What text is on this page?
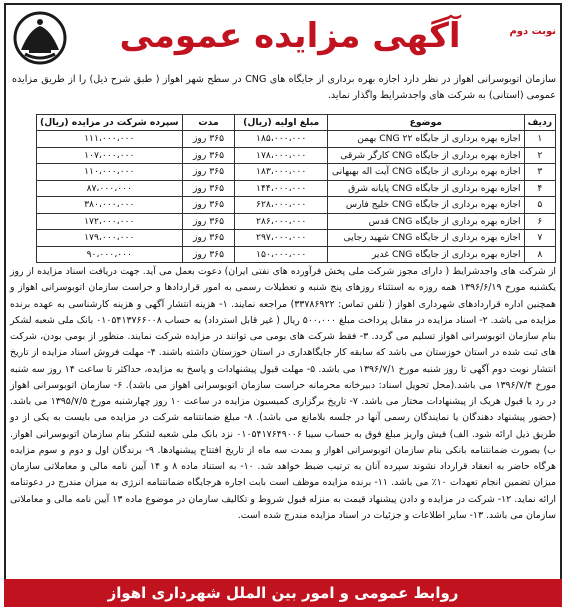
نوبت دوم
آگهی مزایده عمومی
سازمان اتوبوسرانی اهواز در نظر دارد اجازه بهره برداری از جایگاه های CNG در سطح شهر اهواز ( طبق شرح ذیل) را از طریق مزایده عمومی (استانی) به شرکت های واجدشرایط واگذار نماید.
ردیف	موضوع	مبلغ اولیه (ریال)	مدت	سپرده شرکت در مزایده (ریال)
۱	اجازه بهره برداری از جایگاه CNG ۲۲ بهمن	۱۸۵،۰۰۰،۰۰۰	۳۶۵ روز	۱۱۱،۰۰۰،۰۰۰
۲	اجازه بهره برداری از جایگاه CNG کارگر شرقی	۱۷۸،۰۰۰،۰۰۰	۳۶۵ روز	۱۰۷،۰۰۰،۰۰۰
۳	اجازه بهره برداری از جایگاه CNG آیت اله بهبهانی	۱۸۳،۰۰۰،۰۰۰	۳۶۵ روز	۱۱۰،۰۰۰،۰۰۰
۴	اجازه بهره برداری از جایگاه CNG پایانه شرق	۱۴۴،۰۰۰،۰۰۰	۳۶۵ روز	۸۷،۰۰۰،۰۰۰
۵	اجازه بهره برداری از جایگاه CNG خلیج فارس	۶۲۸،۰۰۰،۰۰۰	۳۶۵ روز	۳۸۰،۰۰۰،۰۰۰
۶	اجازه بهره برداری از جایگاه CNG قدس	۲۸۶،۰۰۰،۰۰۰	۳۶۵ روز	۱۷۲،۰۰۰،۰۰۰
۷	اجازه بهره برداری از جایگاه CNG شهید رجایی	۲۹۷،۰۰۰،۰۰۰	۳۶۵ روز	۱۷۹،۰۰۰،۰۰۰
۸	اجازه بهره برداری از جایگاه CNG غدیر	۱۵۰،۰۰۰،۰۰۰	۳۶۵ روز	۹۰،۰۰۰،۰۰۰
از شرکت های واجدشرایط ( دارای مجوز شرکت ملی پخش فرآورده های نفتی ایران) دعوت بعمل می آید. جهت دریافت اسناد مزایده از روز یکشنبه مورخ ۱۳۹۶/۶/۱۹ همه روزه به استثناء روزهای پنج شنبه و تعطیلات رسمی به امور قراردادها و حراست سازمان اتوبوسرانی اهواز و همچنین اداره قراردادهای شهرداری اهواز ( تلفن تماس: ۳۳۷۸۶۹۲۲) مراجعه نمایند. ۱- هزینه انتشار آگهی و هزینه کارشناسی به عهده برنده مزایده می باشد. ۲- اسناد مزایده در مقابل پرداخت مبلغ ۵۰۰،۰۰۰ ریال ( غیر قابل استرداد) به حساب ۰۱۰۵۴۱۳۷۶۶۰۰۸ بانک ملی شعبه لشکر بنام سازمان اتوبوسرانی اهواز تسلیم می گردد. ۳- فقط شرکت های بومی می توانند در مزایده شرکت نمایند. منظور از بومی بودن، شرکت های ثبت شده در استان خوزستان می باشد که سابقه کار جایگاهداری در استان خوزستان داشته باشند. ۴- مهلت فروش اسناد مزایده از تاریخ انتشار نوبت دوم آگهی تا روز شنبه مورخ ۱۳۹۶/۷/۱ می باشد. ۵- مهلت قبول پیشنهادات و پاسخ به مزایده، حداکثر تا ساعت ۱۴ روز سه شنبه مورخ ۱۳۹۶/۷/۴ می باشد.(محل تحویل اسناد: دبیرخانه محرمانه حراست سازمان اتوبوسرانی اهواز می باشد). ۶- سازمان اتوبوسرانی اهواز در رد یا قبول هریک از پیشنهادات مختار می باشد. ۷- تاریخ برگزاری کمیسیون مزایده در ساعت ۱۰ روز چهارشنبه مورخ ۱۳۹۵/۷/۵ می باشد. (حضور پیشنهاد دهندگان یا نمایندگان رسمی آنها در جلسه بلامانع می باشد). ۸- مبلغ ضمانتنامه شرکت در مزایده می بایست به یکی از دو طریق ذیل ارائه شود. الف) فیش واریز مبلغ فوق به حساب سیبا ۰۱۰۵۴۱۷۶۴۹۰۰۶ نزد بانک ملی شعبه لشکر بنام سازمان اتوبوسرانی اهواز. ب) بصورت ضمانتنامه بانکی بنام سازمان اتوبوسرانی اهواز و بمدت سه ماه از تاریخ افتتاح پیشنهادها. ۹- برندگان اول و دوم و سوم مزایده هرگاه حاضر به انعقاد قرارداد نشوند سپرده آنان به ترتیب ضبط خواهد شد. ۱۰- به استناد ماده ۸ و ۱۴ آیین نامه مالی و معاملاتی سازمان میزان تضمین انجام تعهدات ۱۰٪ می باشد. ۱۱- برنده مزایده موظف است بابت اجاره هرجایگاه ضمانتنامه انرژی به میزان مندرج در دعوتنامه ارائه نماید. ۱۲- شرکت در مزایده و دادن پیشنهاد قیمت به منزله قبول شروط و تکالیف سازمان در موضوع ماده ۱۳ آیین نامه مالی و معاملاتی سازمان می باشد. ۱۳- سایر اطلاعات و جزئیات در اسناد مزایده مندرج شده است.
روابط عمومی و امور بین الملل شهرداری اهواز
